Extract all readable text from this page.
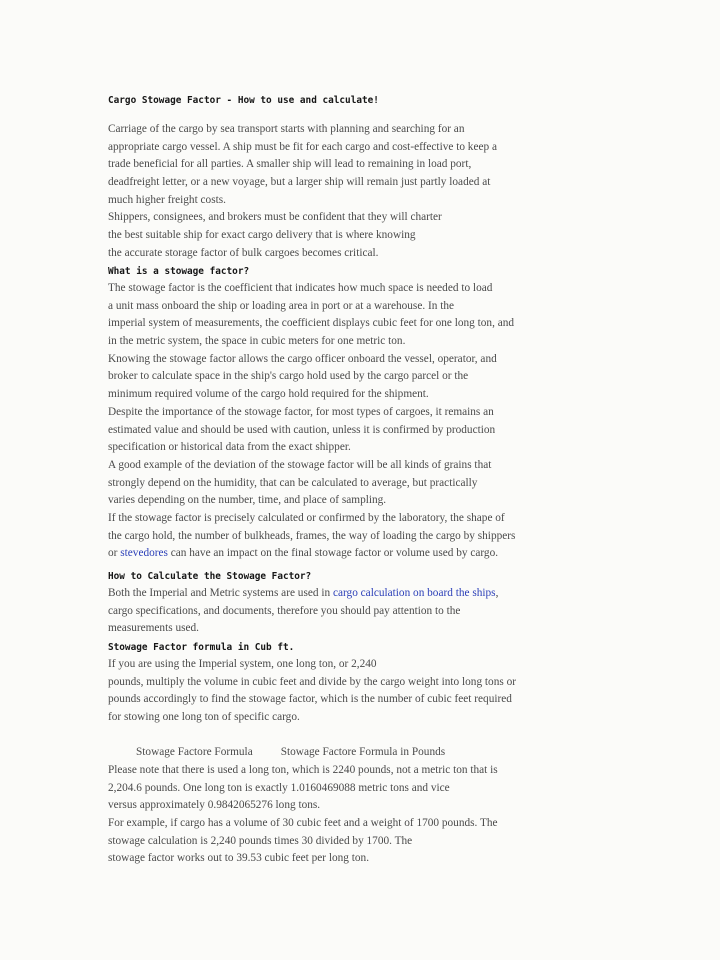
Cargo Stowage Factor - How to use and calculate!
Carriage of the cargo by sea transport starts with planning and searching for an
appropriate cargo vessel. A ship must be fit for each cargo and cost-effective to keep a
trade beneficial for all parties. A smaller ship will lead to remaining in load port,
deadfreight letter, or a new voyage, but a larger ship will remain just partly loaded at
much higher freight costs.
Shippers, consignees, and brokers must be confident that they will charter
the best suitable ship for exact cargo delivery that is where knowing
the accurate storage factor of bulk cargoes becomes critical.
What is a stowage factor?
The stowage factor is the coefficient that indicates how much space is needed to load
a unit mass onboard the ship or loading area in port or at a warehouse. In the
imperial system of measurements, the coefficient displays cubic feet for one long ton, and
in the metric system, the space in cubic meters for one metric ton.
Knowing the stowage factor allows the cargo officer onboard the vessel, operator, and
broker to calculate space in the ship's cargo hold used by the cargo parcel or the
minimum required volume of the cargo hold required for the shipment.
Despite the importance of the stowage factor, for most types of cargoes, it remains an
estimated value and should be used with caution, unless it is confirmed by production
specification or historical data from the exact shipper.
A good example of the deviation of the stowage factor will be all kinds of grains that
strongly depend on the humidity, that can be calculated to average, but practically
varies depending on the number, time, and place of sampling.
If the stowage factor is precisely calculated or confirmed by the laboratory, the shape of
the cargo hold, the number of bulkheads, frames, the way of loading the cargo by shippers
or stevedores can have an impact on the final stowage factor or volume used by cargo.
How to Calculate the Stowage Factor?
Both the Imperial and Metric systems are used in cargo calculation on board the ships,
cargo specifications, and documents, therefore you should pay attention to the
measurements used.
Stowage Factor formula in Cub ft.
If you are using the Imperial system, one long ton, or 2,240
pounds, multiply the volume in cubic feet and divide by the cargo weight into long tons or
pounds accordingly to find the stowage factor, which is the number of cubic feet required
for stowing one long ton of specific cargo.
Stowage Factore Formula Stowage Factore Formula in Pounds
Please note that there is used a long ton, which is 2240 pounds, not a metric ton that is
2,204.6 pounds. One long ton is exactly 1.0160469088 metric tons and vice
versus approximately 0.9842065276 long tons.
For example, if cargo has a volume of 30 cubic feet and a weight of 1700 pounds. The
stowage calculation is 2,240 pounds times 30 divided by 1700. The
stowage factor works out to 39.53 cubic feet per long ton.
